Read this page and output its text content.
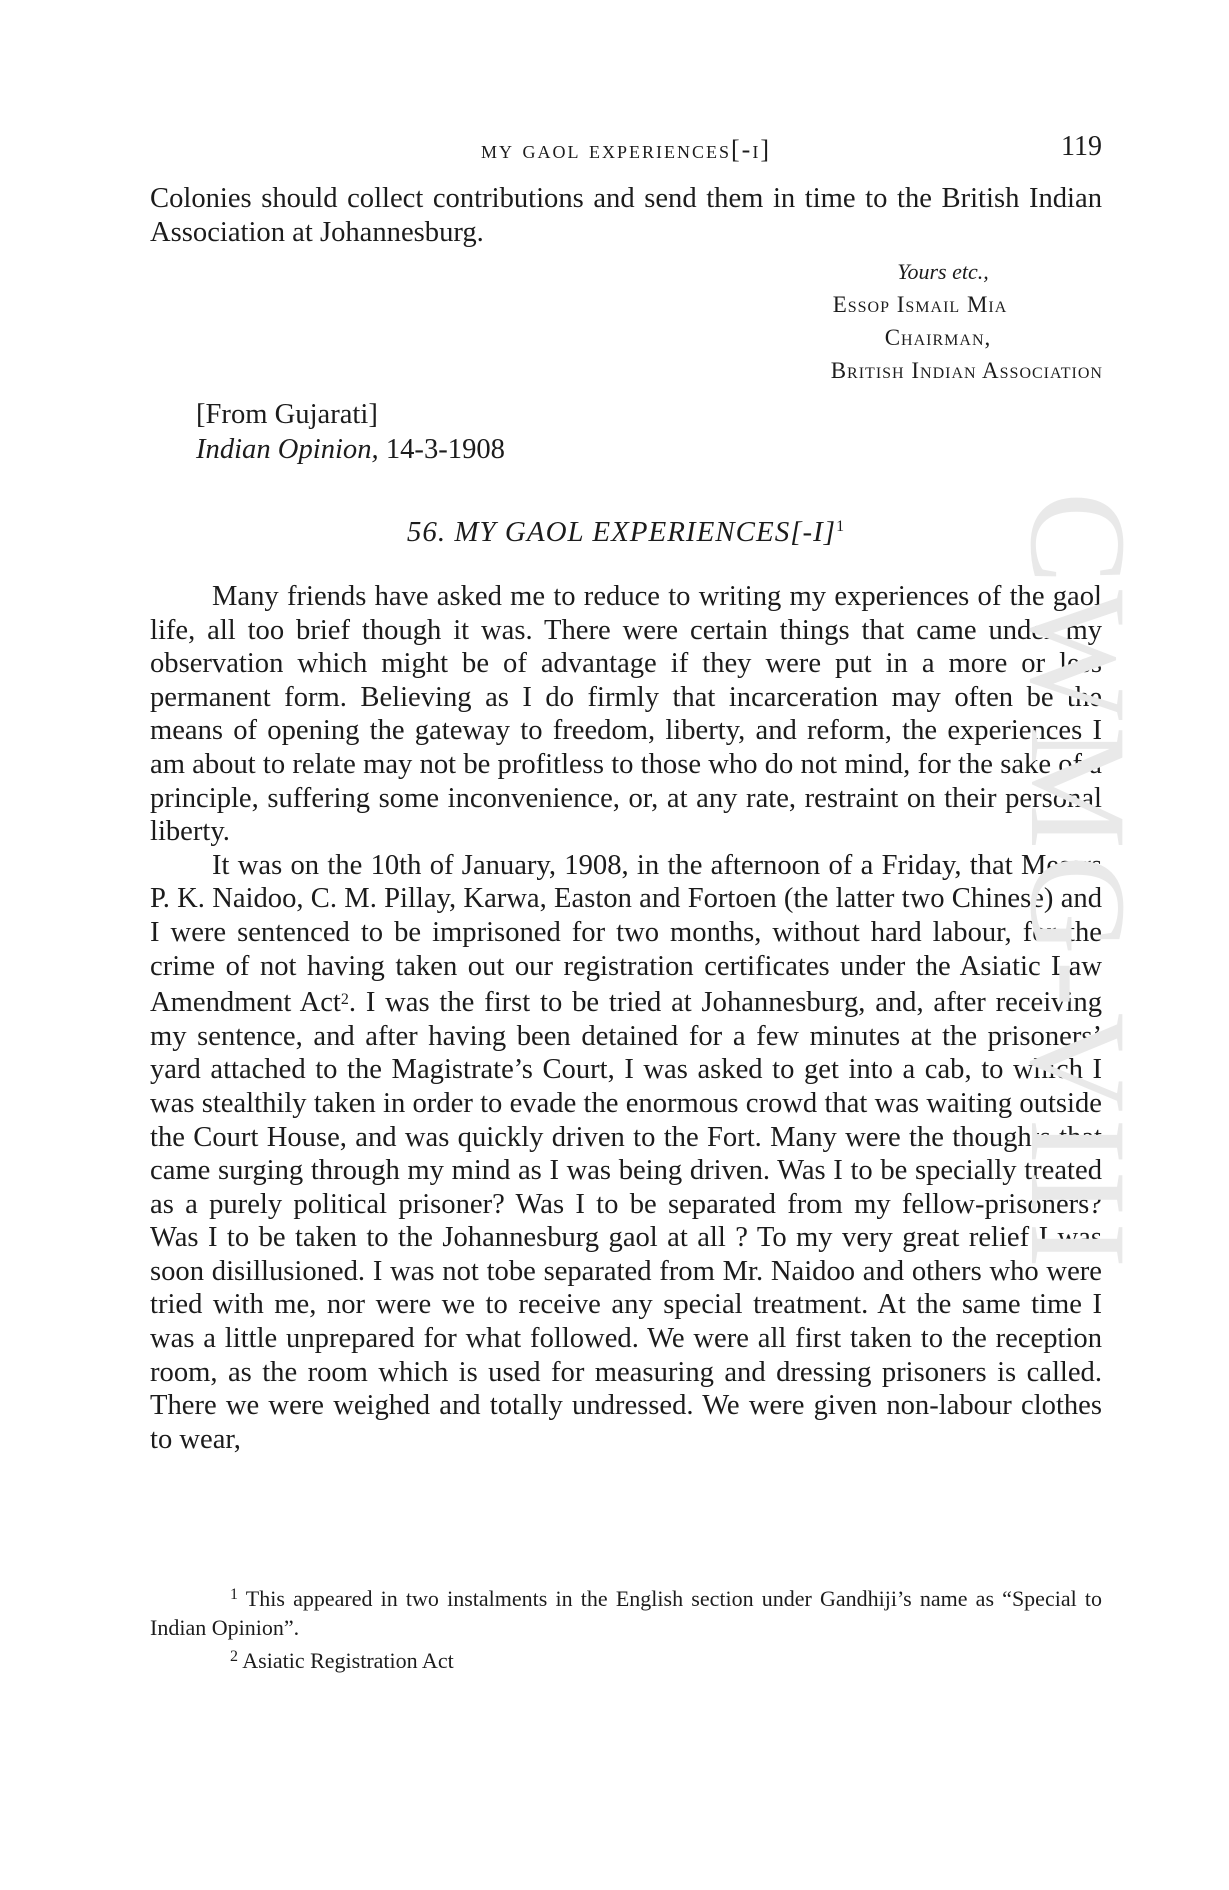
my gaol experiences[-i]	119

Colonies should collect contributions and send them in time to the British Indian Association at Johannesburg.

Yours etc.,
Essop Ismail Mia
Chairman,
British Indian Association
[From Gujarati]
Indian Opinion, 14-3-1908
56. MY GAOL $EXPERIENCES[-I]^1$

Many friends have asked me to reduce to writing my experiences of the gaol life, all too brief though it was. There were certain things that came under my observation which might be of advantage if they were put in a more or less permanent form. Believing as I do firmly that incarceration may often be the means of opening the gateway to freedom, liberty, and reform, the experiences I am about to relate may not be profitless to those who do not mind, for the sake of a principle, suffering some inconvenience, or, at any rate, restraint on their personal liberty.

It was on the 10th of January, 1908, in the afternoon of a Friday, that Messrs P. K. Naidoo, C. M. Pillay, Karwa, Easton and Fortoen (the latter two Chinese) and I were sentenced to be imprisoned for two months, without hard labour, for the crime of not having taken out our registration certificates under the Asiatic Law Amendment Act$^2$. I was the first to be tried at Johannesburg, and, after receiving my sentence, and after having been detained for a few minutes at the prisoners’ yard attached to the Magistrate’s Court, I was asked to get into a cab, to which I was stealthily taken in order to evade the enormous crowd that was waiting outside the Court House, and was quickly driven to the Fort. Many were the thoughts that came surging through my mind as I was being driven. Was I to be specially treated as a purely political prisoner? Was I to be separated from my fellow-prisoners? Was I to be taken to the Johannesburg gaol at all ? To my very great relief I was soon disillusioned. I was not tobe separated from Mr. Naidoo and others who were tried with me, nor were we to receive any special treatment. At the same time I was a little unprepared for what followed. We were all first taken to the reception room, as the room which is used for measuring and dressing prisoners is called. There we were weighed and totally undressed. We were given non-labour clothes to wear,

$^1$ This appeared in two instalments in the English section under Gandhiji’s name as “Special to Indian Opinion”.

$^2$ Asiatic Registration Act

CWMG-VIII
